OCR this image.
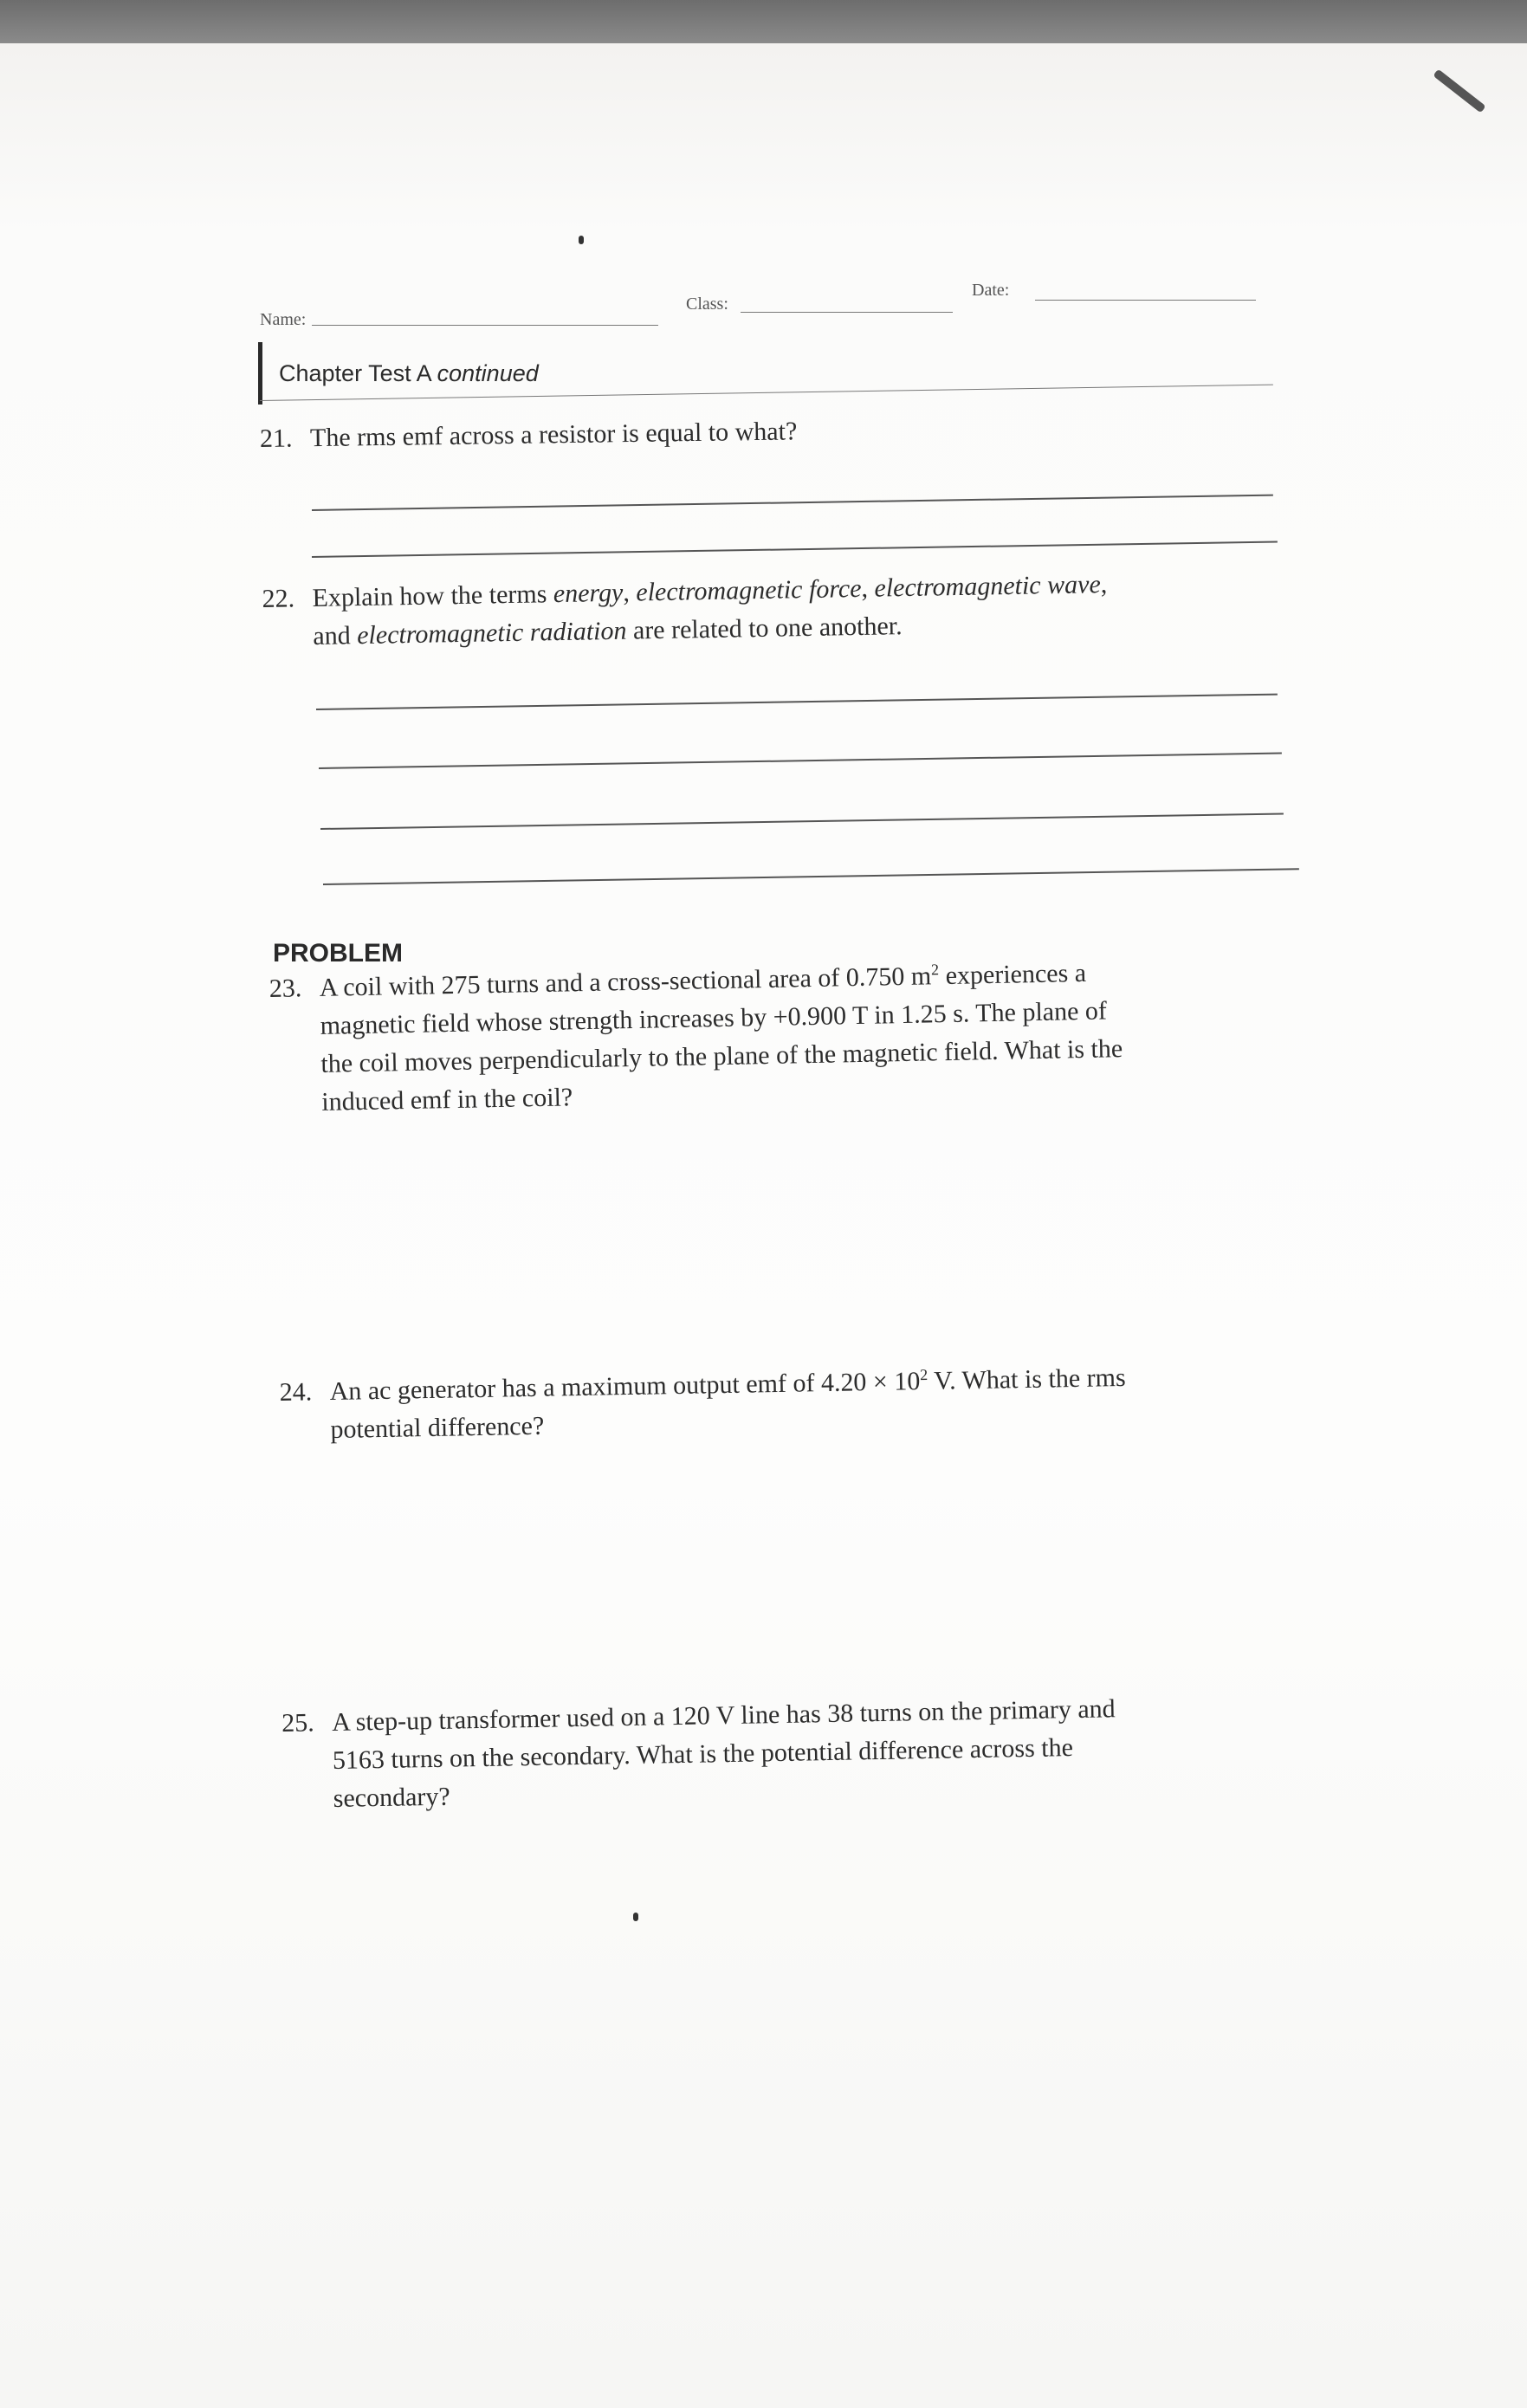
Name:
Class:
Date:
Chapter Test A continued
21. The rms emf across a resistor is equal to what?
22. Explain how the terms energy, electromagnetic force, electromagnetic wave,
and electromagnetic radiation are related to one another.
PROBLEM
23. A coil with 275 turns and a cross-sectional area of 0.750 $m^2$ experiences a
magnetic field whose strength increases by +0.900 T in 1.25 s. The plane of
the coil moves perpendicularly to the plane of the magnetic field. What is the
induced emf in the coil?
24. An ac generator has a maximum output emf of $4.20 \times 10^2$ V. What is the rms
potential difference?
25. A step-up transformer used on a 120 V line has 38 turns on the primary and
5163 turns on the secondary. What is the potential difference across the
secondary?
